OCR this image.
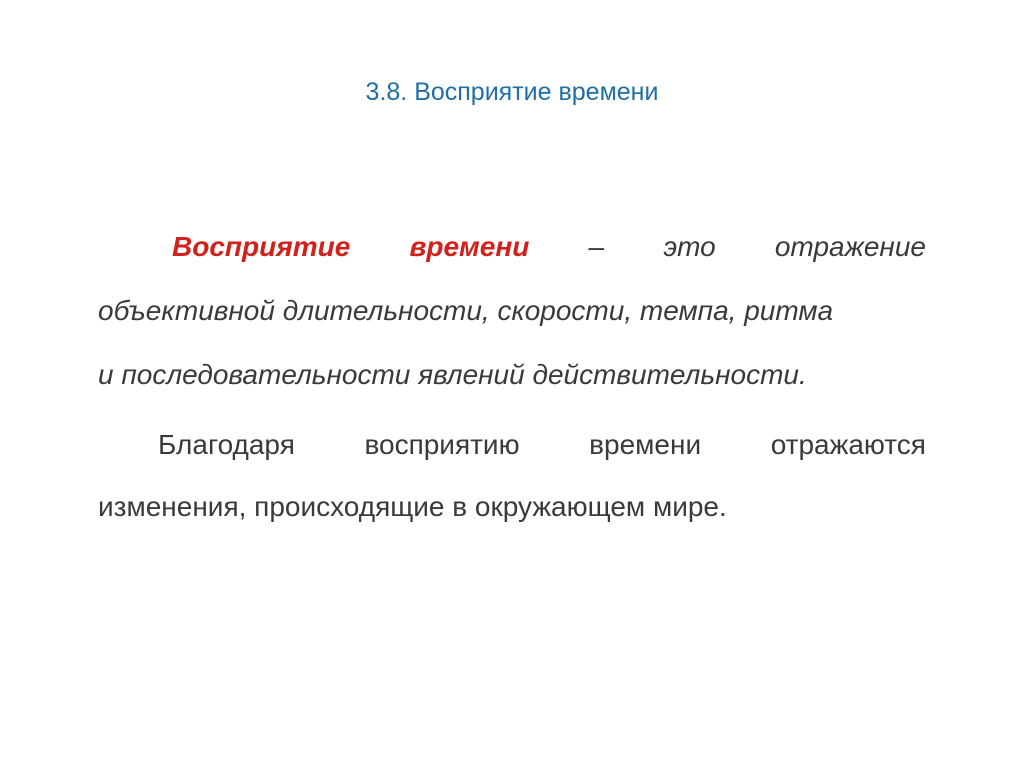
3.8. Восприятие времени
Восприятие времени – это отражение
объективной длительности, скорости, темпа, ритма
и последовательности явлений действительности.
Благодаря восприятию времени отражаются
изменения, происходящие в окружающем мире.
